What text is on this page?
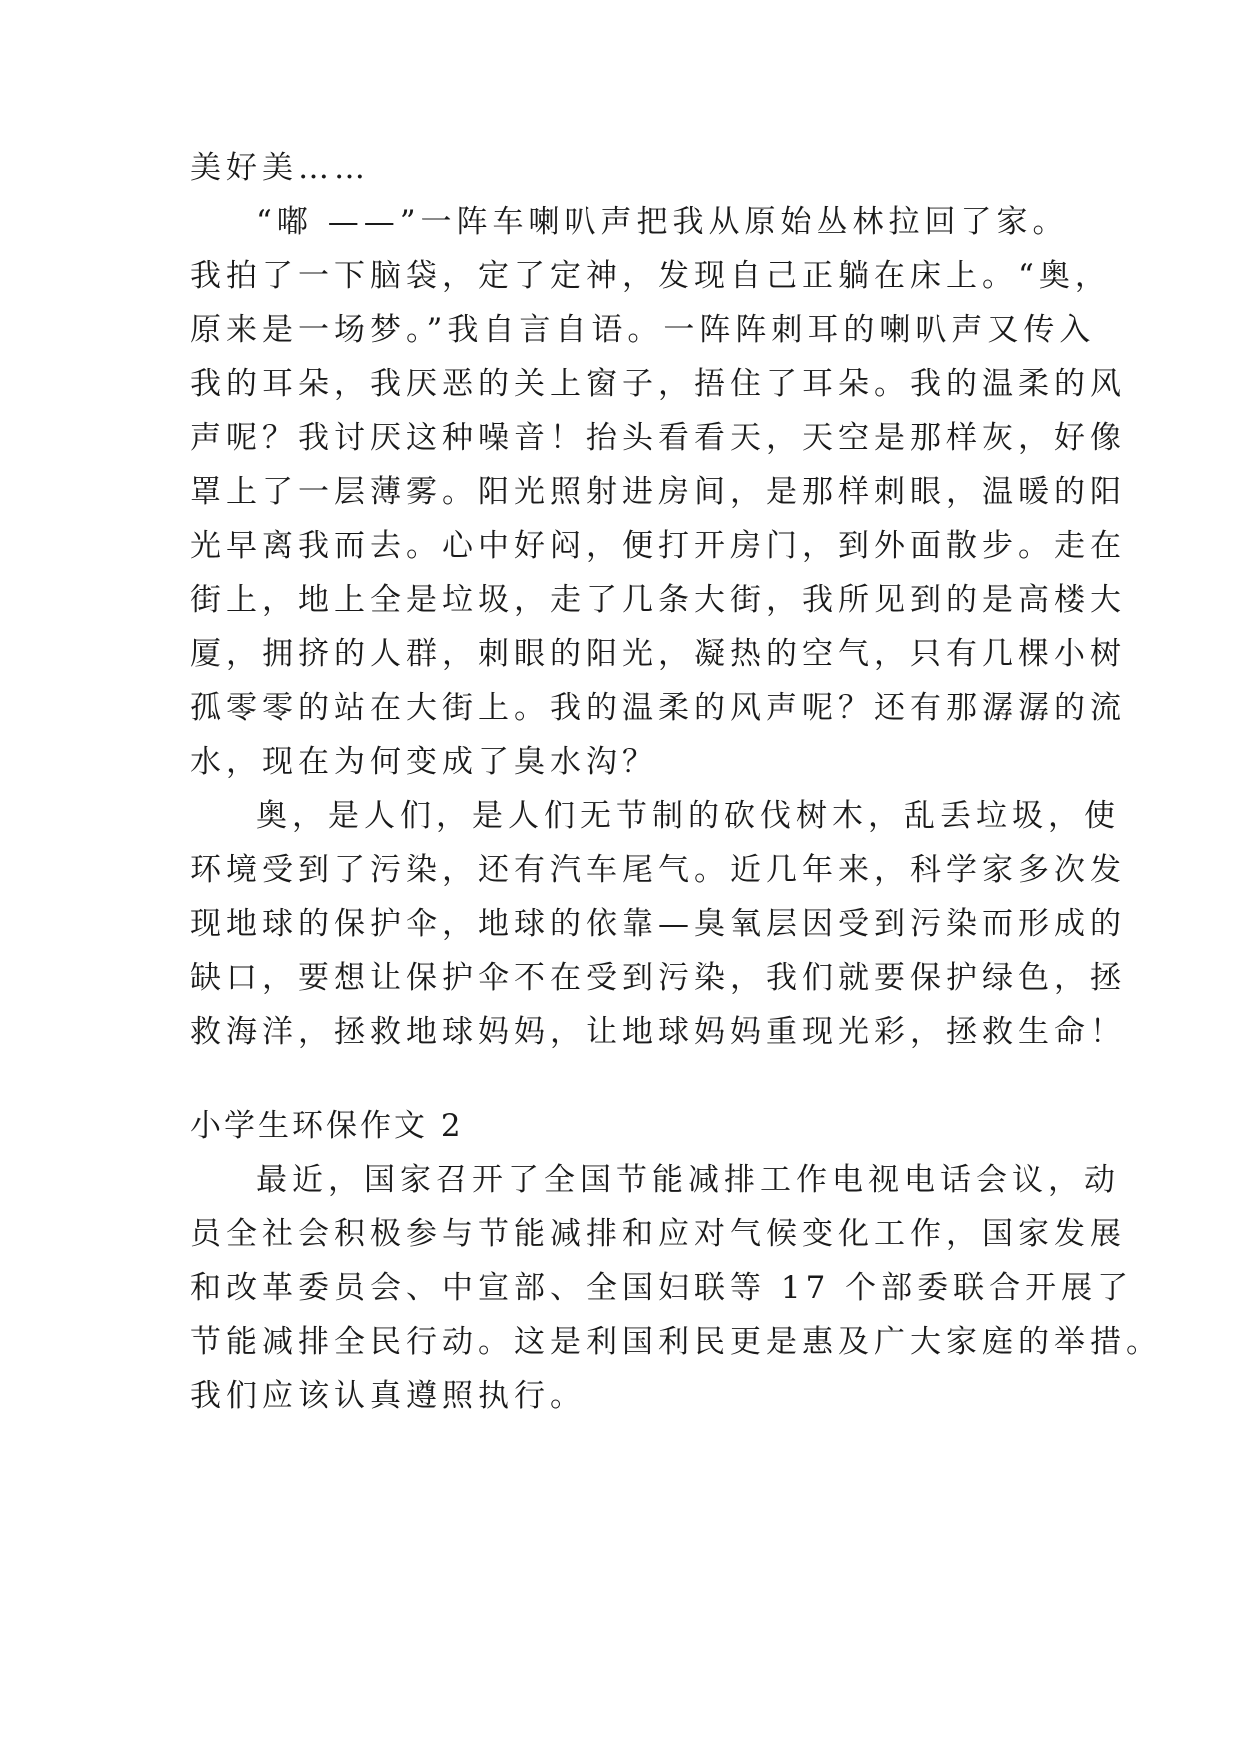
美好美……
“嘟 ——”一阵车喇叭声把我从原始丛林拉回了家。
我拍了一下脑袋，定了定神，发现自己正躺在床上。“奥，
原来是一场梦。”我自言自语。一阵阵刺耳的喇叭声又传入
我的耳朵，我厌恶的关上窗子，捂住了耳朵。我的温柔的风
声呢？我讨厌这种噪音！抬头看看天，天空是那样灰，好像
罩上了一层薄雾。阳光照射进房间，是那样刺眼，温暖的阳
光早离我而去。心中好闷，便打开房门，到外面散步。走在
街上，地上全是垃圾，走了几条大街，我所见到的是高楼大
厦，拥挤的人群，刺眼的阳光，凝热的空气，只有几棵小树
孤零零的站在大街上。我的温柔的风声呢？还有那潺潺的流
水，现在为何变成了臭水沟？
奥，是人们，是人们无节制的砍伐树木，乱丢垃圾，使
环境受到了污染，还有汽车尾气。近几年来，科学家多次发
现地球的保护伞，地球的依靠—臭氧层因受到污染而形成的
缺口，要想让保护伞不在受到污染，我们就要保护绿色，拯
救海洋，拯救地球妈妈，让地球妈妈重现光彩，拯救生命！
小学生环保作文 2
最近，国家召开了全国节能减排工作电视电话会议，动
员全社会积极参与节能减排和应对气候变化工作，国家发展
和改革委员会、中宣部、全国妇联等 17 个部委联合开展了
节能减排全民行动。这是利国利民更是惠及广大家庭的举措。
我们应该认真遵照执行。
